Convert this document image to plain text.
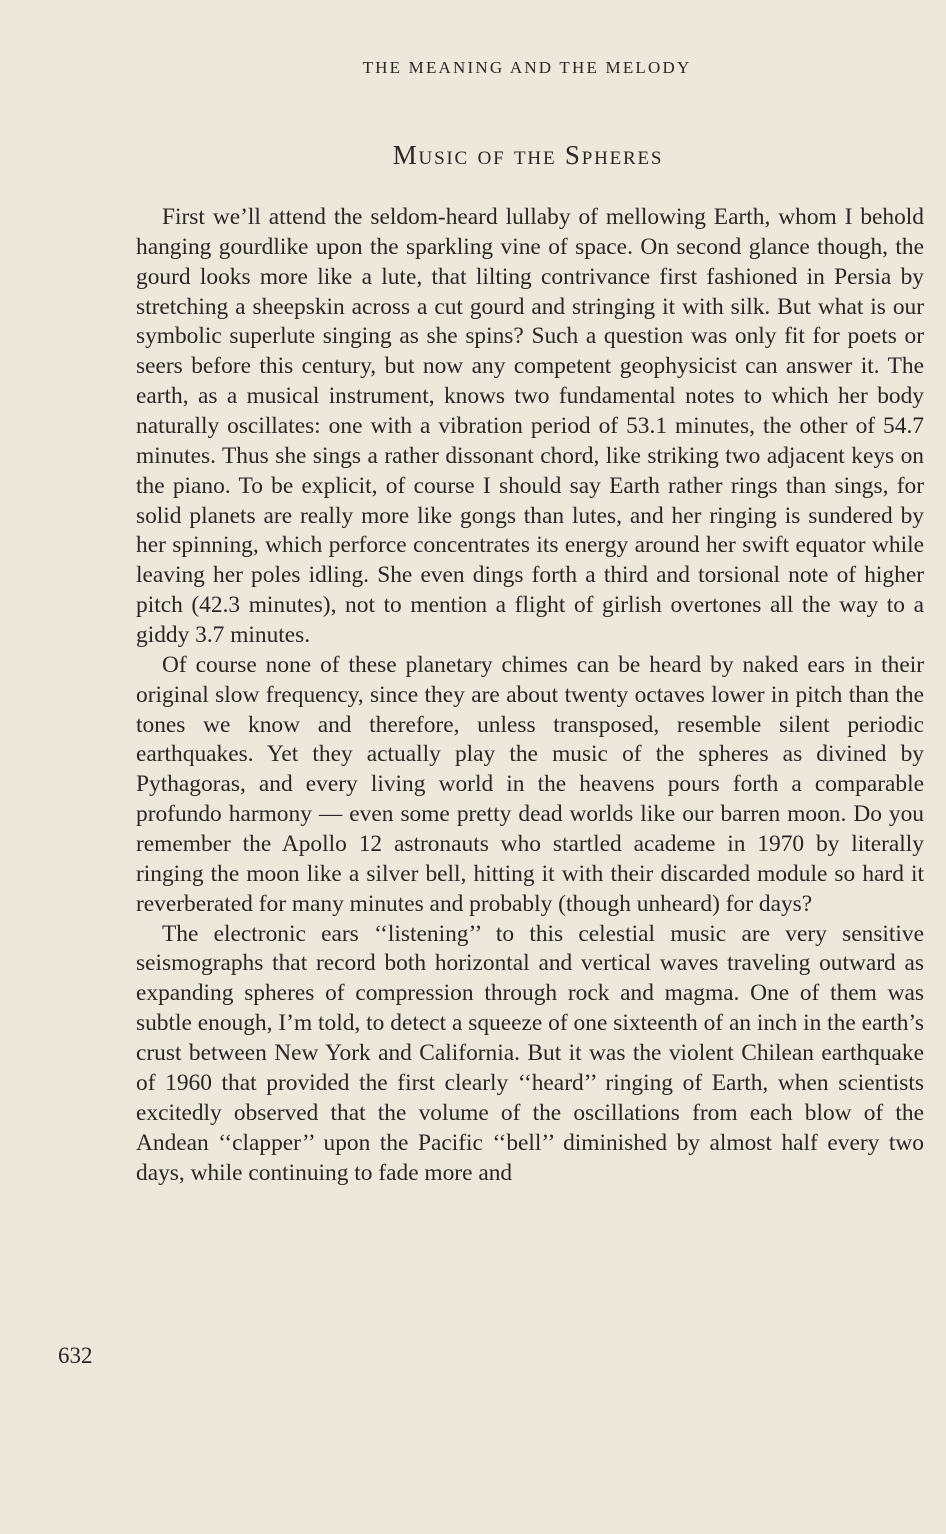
THE MEANING AND THE MELODY
Music of the Spheres

First we’ll attend the seldom-heard lullaby of mellowing Earth, whom I behold hanging gourdlike upon the sparkling vine of space. On second glance though, the gourd looks more like a lute, that lilting contrivance first fashioned in Persia by stretching a sheepskin across a cut gourd and stringing it with silk. But what is our symbolic superlute singing as she spins? Such a question was only fit for poets or seers before this century, but now any competent geophysicist can answer it. The earth, as a musical instrument, knows two fundamental notes to which her body naturally oscillates: one with a vibration period of 53.1 minutes, the other of 54.7 minutes. Thus she sings a rather dissonant chord, like striking two adjacent keys on the piano. To be explicit, of course I should say Earth rather rings than sings, for solid planets are really more like gongs than lutes, and her ringing is sundered by her spinning, which perforce concentrates its energy around her swift equator while leaving her poles idling. She even dings forth a third and torsional note of higher pitch (42.3 minutes), not to mention a flight of girlish overtones all the way to a giddy 3.7 minutes.

Of course none of these planetary chimes can be heard by naked ears in their original slow frequency, since they are about twenty octaves lower in pitch than the tones we know and therefore, unless transposed, resemble silent periodic earthquakes. Yet they actually play the music of the spheres as divined by Pythagoras, and every living world in the heavens pours forth a comparable profundo harmony — even some pretty dead worlds like our barren moon. Do you remember the Apollo 12 astronauts who startled academe in 1970 by literally ringing the moon like a silver bell, hitting it with their discarded module so hard it reverberated for many minutes and probably (though unheard) for days?

The electronic ears ‘‘listening’’ to this celestial music are very sensitive seismographs that record both horizontal and vertical waves traveling outward as expanding spheres of compression through rock and magma. One of them was subtle enough, I’m told, to detect a squeeze of one sixteenth of an inch in the earth’s crust between New York and California. But it was the violent Chilean earthquake of 1960 that provided the first clearly ‘‘heard’’ ringing of Earth, when scientists excitedly observed that the volume of the oscillations from each blow of the Andean ‘‘clapper’’ upon the Pacific ‘‘bell’’ diminished by almost half every two days, while continuing to fade more and

632
